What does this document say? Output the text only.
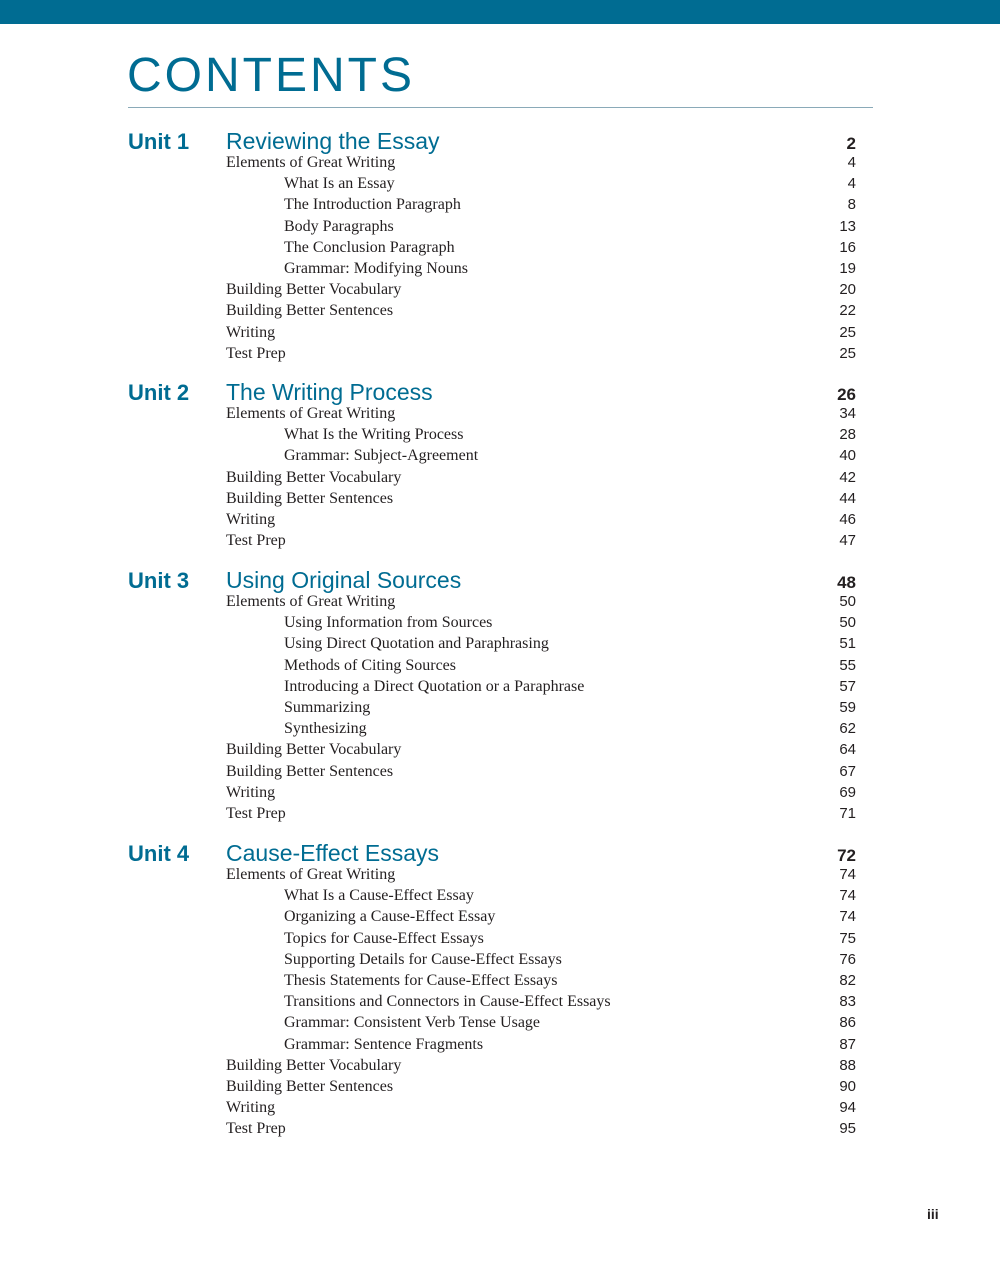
CONTENTS
Unit 1 Reviewing the Essay	2
Elements of Great Writing	4
What Is an Essay	4
The Introduction Paragraph	8
Body Paragraphs	13
The Conclusion Paragraph	16
Grammar: Modifying Nouns	19
Building Better Vocabulary	20
Building Better Sentences	22
Writing	25
Test Prep	25
Unit 2 The Writing Process	26
Elements of Great Writing	34
What Is the Writing Process	28
Grammar: Subject-Agreement	40
Building Better Vocabulary	42
Building Better Sentences	44
Writing	46
Test Prep	47
Unit 3 Using Original Sources	48
Elements of Great Writing	50
Using Information from Sources	50
Using Direct Quotation and Paraphrasing	51
Methods of Citing Sources	55
Introducing a Direct Quotation or a Paraphrase	57
Summarizing	59
Synthesizing	62
Building Better Vocabulary	64
Building Better Sentences	67
Writing	69
Test Prep	71
Unit 4 Cause-Effect Essays	72
Elements of Great Writing	74
What Is a Cause-Effect Essay	74
Organizing a Cause-Effect Essay	74
Topics for Cause-Effect Essays	75
Supporting Details for Cause-Effect Essays	76
Thesis Statements for Cause-Effect Essays	82
Transitions and Connectors in Cause-Effect Essays	83
Grammar: Consistent Verb Tense Usage	86
Grammar: Sentence Fragments	87
Building Better Vocabulary	88
Building Better Sentences	90
Writing	94
Test Prep	95
iii
